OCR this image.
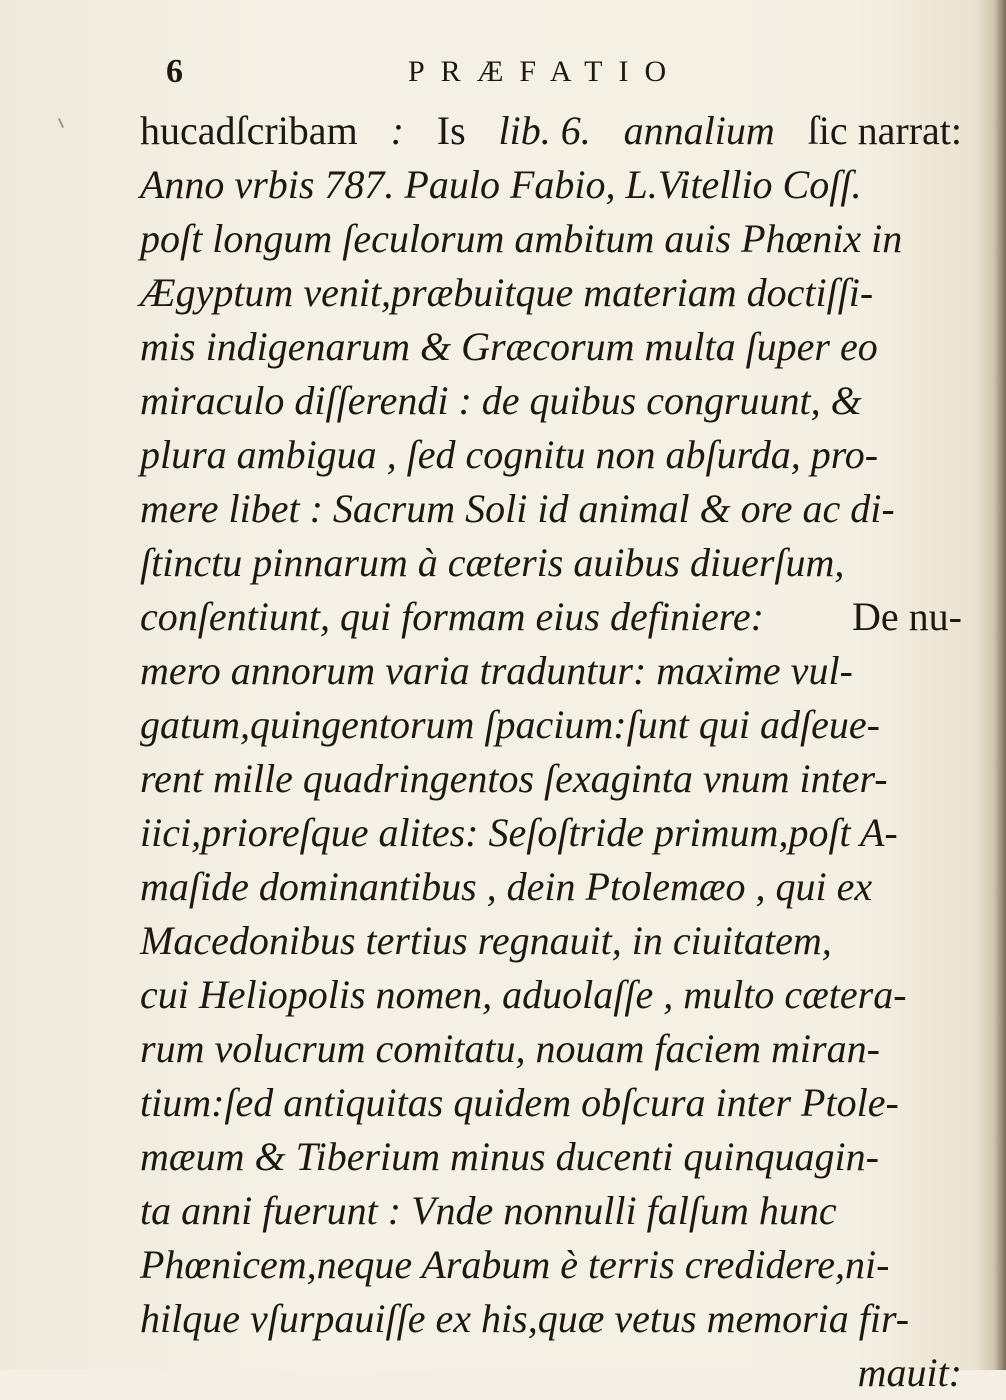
6	PRÆFATIO
hucadſcribam : Is lib. 6. annalium ſic narrat:
Anno vrbis 787. Paulo Fabio, L.Vitellio Coſſ.
poſt longum ſeculorum ambitum auis Phœnix in
Ægyptum venit,præbuitque materiam doctiſſi-
mis indigenarum & Græcorum multa ſuper eo
miraculo diſſerendi : de quibus congruunt, &
plura ambigua , ſed cognitu non abſurda, pro-
mere libet : Sacrum Soli id animal & ore ac di-
ſtinctu pinnarum à cæteris auibus diuerſum,
conſentiunt, qui formam eius definiere: De nu-
mero annorum varia traduntur: maxime vul-
gatum,quingentorum ſpacium:ſunt qui adſeue-
rent mille quadringentos ſexaginta vnum inter-
iici,prioreſque alites: Seſoſtride primum,poſt A-
maſide dominantibus , dein Ptolemæo , qui ex
Macedonibus tertius regnauit, in ciuitatem,
cui Heliopolis nomen, aduolaſſe , multo cætera-
rum volucrum comitatu, nouam faciem miran-
tium:ſed antiquitas quidem obſcura inter Ptole-
mæum & Tiberium minus ducenti quinquagin-
ta anni fuerunt : Vnde nonnulli falſum hunc
Phœnicem,neque Arabum è terris credidere,ni-
hilque vſurpauiſſe ex his,quæ vetus memoria fir-
mauit:
